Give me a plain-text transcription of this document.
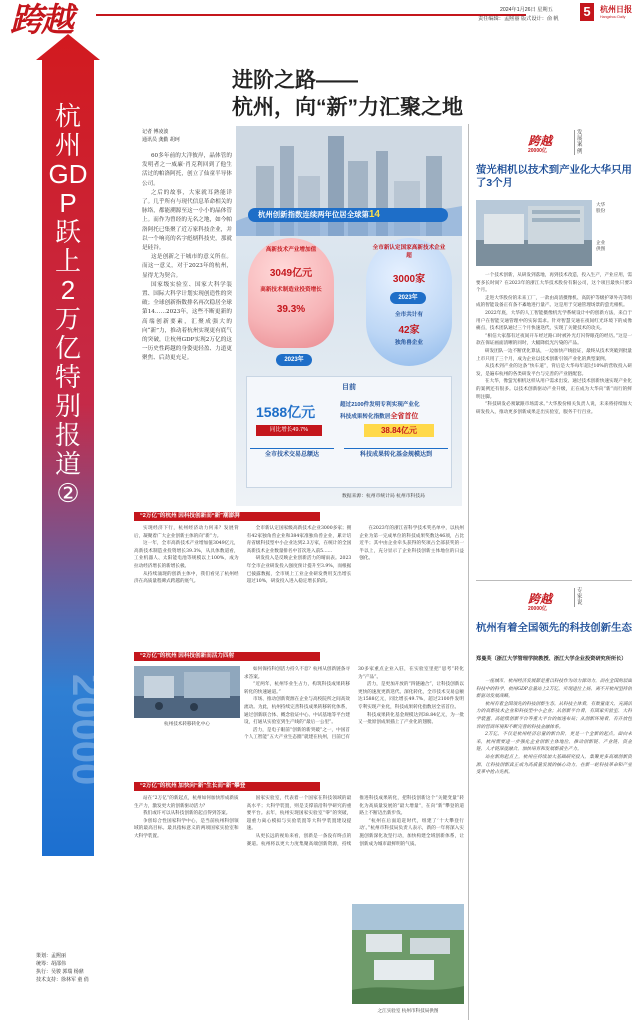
跨越	2024年1月26日 星期五
责任编辑：孟熙丽 版式设计：俞 帆 5	杭州日报
Hangzhou Daily
杭州GDP跃上2万亿 特别报道②
20000
进阶之路——
杭州，向“新”力汇聚之地
记者 傅凌波
通讯员 龚勤 胡珂

60多年前的大洋彼岸，晶体管的发明者之一威廉·肖克利回到了他生活过的帕洛阿托，创立了仙童半导体公司。

之后的故事，大家就耳熟能详了。几乎所有与现代信息革命相关的脉络，都能溯源至这一小小的晶体管上。而作为曾经的无名之地，如今帕洛阿托已集聚了近万家科技企业，并以一个响亮的名字彪炳科技史，那就是硅谷。

这是创新之于城市的意义所在。而这一意义，对于2023年的杭州，显得尤为契合。

国家级实验室、国家大科学装置、国际大科学计划实现创造性的突破；全球创新指数排名再次稳居全球第14……2023年，这些不断更新的高端创新要素，汇聚成强大的向“新”力，推动着杭州实现更有底气的突破，让杭州GDP实现2万亿的这一历史性跨越的身姿更轻盈、力道更聚焦、后劲更充足。

杭州创新指数连续两年位居全球第14
高新技术产业增加值
3049亿元
高新技术制造业投资增长
39.3%
2023年
全市新认定国家高新技术企业超
3000家
2023年
全市共计有
42家
独角兽企业
目前
1588亿元
同比增长49.7%
全市技术交易总额达
超过2100件发明专利实现产业化
科技成果转化指数居全省首位
38.84亿元
科技成果转化基金规模达到
数据来源：杭州市统计局 杭州市科技局
“2万亿”的杭州 因科技创新而“新”潮澎湃

实现经济下行，杭州经济动力何来？发展背后，凝聚着广大企业创新主体的向“新”力。

这一年，全市高新技术产业增加值3049亿元，高新技术制造业投资增长39.3%，从具体数道看，工业机器人、太阳能电池等规模以上100%，成为拉动经济增长的新增长极。

从持续涌现的创新主体中，我们看见了杭州经济在高质量程碑式跨越的底气。

全市新认定国家级高新技术企业3000多家；拥有42家独角兽企业和384家准独角兽企业，累计培育省级科技型中小企业达到2.3万家，在统计的全国高新技术企业数量排名中首次进入前5……

研发投入是反映企业创新活力的晴雨表。2023年全市企业研发投入强度预计提升至3.9%，而根据已披露数据，全市规上工业企业研发费用支出增长超过10%，研发投入进入稳定增长阶段。

在2023年的浙江省科学技术奖名单中，以杭州企业为第一完成单位的科技成果奖数达46项，占比近半；其中由企业牵头获得的奖项占全部获奖的一半以上，充分显示了企业科技创新主体地位的日益强化。

“2万亿”的杭州 因科技创新而活力四射
杭州技术转移转化中心

如何保持科创活力持久不息？杭州从创新链条寻求答案。

“近两年，杭州毕业生占力，构筑科技成果转移转化的快速通道。”

市场、推动创新资源在企业与高校院所之间高效流动。为此，杭州持续完善科技成果转移转化体系，通过创新联合体、概念验证中心、中试基地等平台建设，打通从实验室到生产线的“最后一公里”。

活力，是电子眼前“创新的新突破”之一，中国首个人工智能“五大产业生态圈”就建在杭州，目前已有30多家重点企业入驻，在实验室里把“思考”转化为“产品”。

活力，是更加开放的“四链融合”，让科技创新以更快的速度更新迭代、深化转化，全市技术交易总额达1588亿元，同比增长49.7%，超过2100件发明专利实现产业化，科技成果转化指数居全省首位。

科技成果转化基金规模达到38.84亿元，为一批又一批原创成果插上了产业化的翅膀。

“2万亿”的杭州 加快向“新”生长而“新”攀登

站在“2万亿”的新起点，杭州如何加快形成新质生产力，激发更大的创新驱动活力？

我们或许可以从科技创新的起点得到答案。

争创综合性国家科学中心，是当前杭州科创领域的最高目标。最具指标意义的两项国家实验室和大科学装置。

国家实验室，代表着一个国家在科技领域的最高水平；大科学装置，则是支撑前沿科学研究的重要平台。去年，杭州实现国家实验室“零”的突破，超重力离心模拟与实验装置等大科学装置建设提速。

从更长远的视角来看，创新是一条没有终点的赛道。杭州将以更大力度集聚高端创新资源，持续推进科技成果转化，把科技创新这个“关键变量”转化为高质量发展的“最大增量”，在向“新”攀登的道路上不断迈出新步伐。

“杭州在后面追赶时代，组建了‘十大攀登行动’。”杭州市科技局负责人表示，新的一年将深入实施创新深化攻坚行动，加快构建全域创新体系，让创新成为城市最鲜明的气质。

之江实验室 杭州市科技局供图
策划：孟熙丽
统筹：胡邵伟
执行：吴骏 郭瑞 杨鼎
技术支持：徐林军 童 俏
跨越
20000亿
发展案例
萤光相机以技术到产业化大华只用了3个月
大华股份
企业供图

一个技术创新，从研发到落地，再到技术改造，投入生产，产业应用，需要多长时间？在2023年的浙江大华技术股份有限公司，这个项目最快只要3个月。

走进大华股份的未来工厂，一款由高清摄像机、高防护等级护罩外壳等组成的智能设备正有条不紊地进行量产。这是用于交通管理场景的萤光相机。

2022年底，大华的人工智能摄像机光学系统设计中的创新方法，来自于用户在智能交通管理中的实际需求。针对智慧交通在夜间红光环境下的成像痛点，技术团队通过三个月快速迭代，实现了关键技术的攻关。

“相信大家都有过夜间开车经过路口时被补光灯闪得眼花的经历。”这是一款在保证画面清晰的同时，大幅降低光污染的产品。

研发团队一边不断优化算法，一边加快产线验证，最终从技术突破到批量上市只用了三个月，成为企业以技术创新引领产业化的典型案例。

从技术到产业的这条“快车道”，背后是大华每年超过10%的营收投入研发，是遍布杭州的各类研发平台与完善的产业链配套。

在大华，像萤光相机这样从用户需求出发、通过技术创新快速实现产业化的案例还有很多。以技术创新驱动产业升级，正在成为大华向“新”而行的鲜明注脚。

“科技研发必须紧跟市场需求。”大华股份相关负责人说，未来将持续加大研发投入，推动更多创新成果走出实验室，服务千行百业。

跨越
20000亿
专家说
杭州有着全国领先的科技创新生态
郑曼芙（浙江大学管理学院教授、浙江大学企业投资研究所所长）

一座城市，杭州经济发展都是重以科技作为动力源动力，而在全国的层面科技中的科学，杭州GDP总量站上2万亿，实现进位上扬，离不开杭州坚持创新驱动发展战略。

杭州有着全国领先的科技创新生态。从科技主体看，有数量庞大、充满活力的高新技术企业和科技型中小企业；从创新平台看，有国家实验室、大科学装置、高能级创新平台等重大平台的加速布局；从创新环境看，有开放包容的营商环境和不断完善的科技金融体系。

2万亿，不仅是杭州经济总量的新台阶，更是一个全新的起点。面向未来，杭州需要进一步强化企业创新主体地位，推动创新链、产业链、资金链、人才链深度融合，加快培育和发展新质生产力。

站在新的起点上，杭州应持续加大基础研究投入，集聚更多高端创新资源，让科技创新真正成为高质量发展的核心动力，在新一轮科技革命和产业变革中抢占先机。
